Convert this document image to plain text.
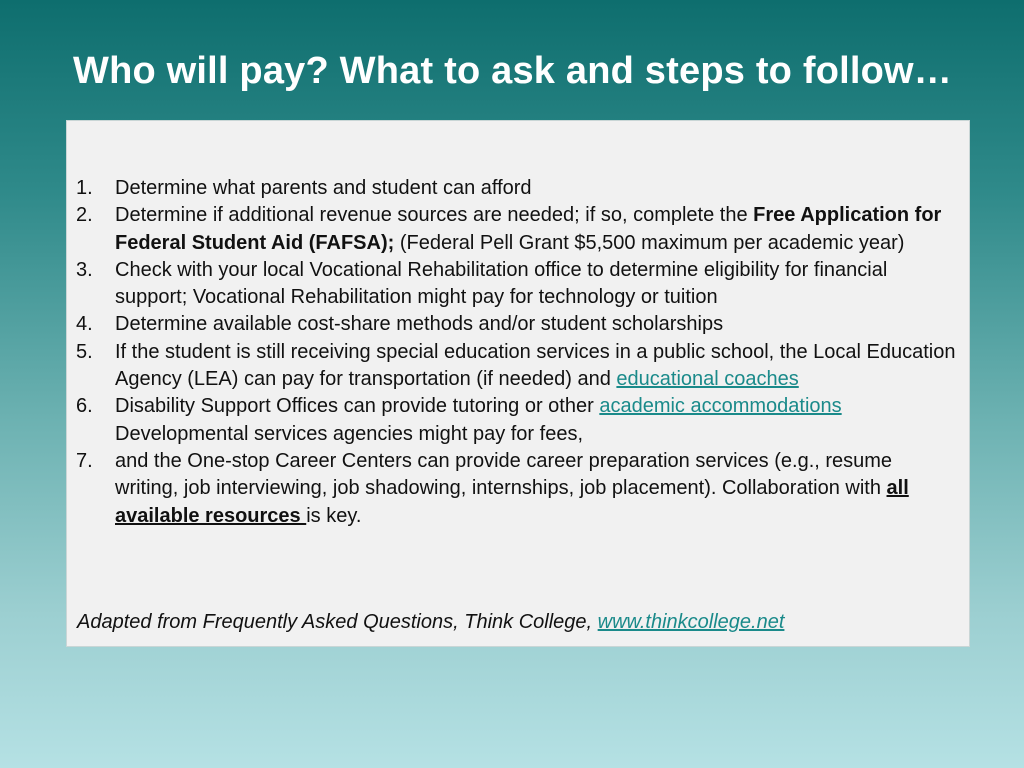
Who will pay? What to ask and steps to follow…
1. Determine what parents and student can afford
2. Determine if additional revenue sources are needed; if so, complete the Free Application for Federal Student Aid (FAFSA); (Federal Pell Grant $5,500 maximum per academic year)
3. Check with your local Vocational Rehabilitation office to determine eligibility for financial support; Vocational Rehabilitation might pay for technology or tuition
4. Determine available cost-share methods and/or student scholarships
5. If the student is still receiving special education services in a public school, the Local Education Agency (LEA) can pay for transportation (if needed) and educational coaches
6. Disability Support Offices can provide tutoring or other academic accommodations Developmental services agencies might pay for fees,
7. and the One-stop Career Centers can provide career preparation services (e.g., resume writing, job interviewing, job shadowing, internships, job placement). Collaboration with all available resources is key.

Adapted from Frequently Asked Questions, Think College, www.thinkcollege.net
